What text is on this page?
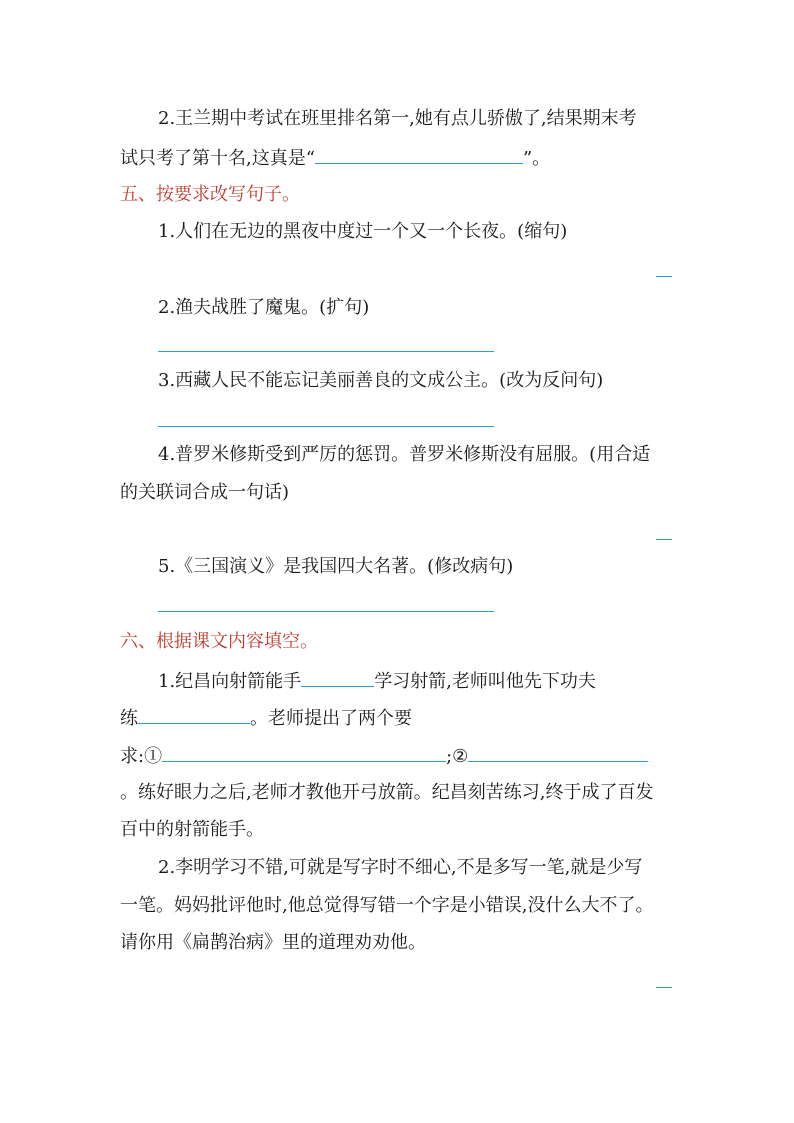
2.王兰期中考试在班里排名第一,她有点儿骄傲了,结果期末考
试只考了第十名,这真是“	”。
五、按要求改写句子。
1.人们在无边的黑夜中度过一个又一个长夜。(缩句)
2.渔夫战胜了魔鬼。(扩句)
3.西藏人民不能忘记美丽善良的文成公主。(改为反问句)
4.普罗米修斯受到严厉的惩罚。普罗米修斯没有屈服。(用合适
的关联词合成一句话)
5.《三国演义》是我国四大名著。(修改病句)
六、根据课文内容填空。
1.纪昌向射箭能手	学习射箭,老师叫他先下功夫
练	。老师提出了两个要
求:①	;②
。练好眼力之后,老师才教他开弓放箭。纪昌刻苦练习,终于成了百发
百中的射箭能手。
2.李明学习不错,可就是写字时不细心,不是多写一笔,就是少写
一笔。妈妈批评他时,他总觉得写错一个字是小错误,没什么大不了。
请你用《扁鹊治病》里的道理劝劝他。
